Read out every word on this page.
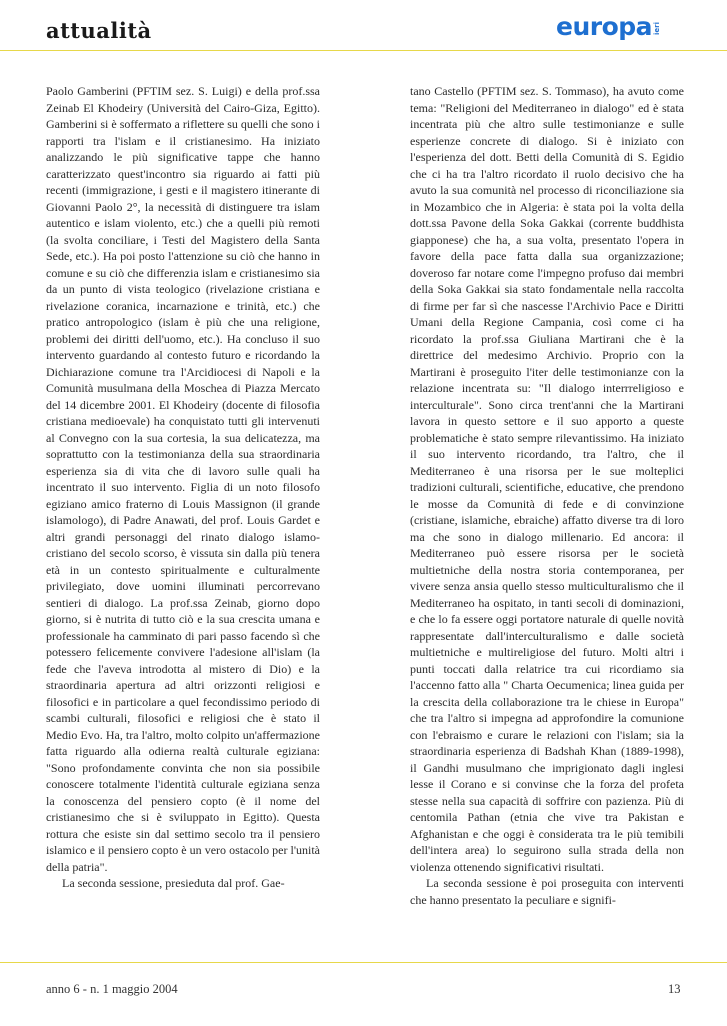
attualità	europa ieri

Paolo Gamberini (PFTIM sez. S. Luigi) e della prof.ssa Zeinab El Khodeiry (Università del Cairo-Giza, Egitto). Gamberini si è soffermato a riflettere su quelli che sono i rapporti tra l'islam e il cristianesimo. Ha iniziato analizzando le più significative tappe che hanno caratterizzato quest'incontro sia riguardo ai fatti più recenti (immigrazione, i gesti e il magistero itinerante di Giovanni Paolo 2°, la necessità di distinguere tra islam autentico e islam violento, etc.) che a quelli più remoti (la svolta conciliare, i Testi del Magistero della Santa Sede, etc.). Ha poi posto l'attenzione su ciò che hanno in comune e su ciò che differenzia islam e cristianesimo sia da un punto di vista teologico (rivelazione cristiana e rivelazione coranica, incarnazione e trinità, etc.) che pratico antropologico (islam è più che una religione, problemi dei diritti dell'uomo, etc.). Ha concluso il suo intervento guardando al contesto futuro e ricordando la Dichiarazione comune tra l'Arcidiocesi di Napoli e la Comunità musulmana della Moschea di Piazza Mercato del 14 dicembre 2001. El Khodeiry (docente di filosofia cristiana medioevale) ha conquistato tutti gli intervenuti al Convegno con la sua cortesia, la sua delicatezza, ma soprattutto con la testimonianza della sua straordinaria esperienza sia di vita che di lavoro sulle quali ha incentrato il suo intervento. Figlia di un noto filosofo egiziano amico fraterno di Louis Massignon (il grande islamologo), di Padre Anawati, del prof. Louis Gardet e altri grandi personaggi del rinato dialogo islamo-cristiano del secolo scorso, è vissuta sin dalla più tenera età in un contesto spiritualmente e culturalmente privilegiato, dove uomini illuminati percorrevano sentieri di dialogo. La prof.ssa Zeinab, giorno dopo giorno, si è nutrita di tutto ciò e la sua crescita umana e professionale ha camminato di pari passo facendo sì che potessero felicemente convivere l'adesione all'islam (la fede che l'aveva introdotta al mistero di Dio) e la straordinaria apertura ad altri orizzonti religiosi e filosofici e in particolare a quel fecondissimo periodo di scambi culturali, filosofici e religiosi che è stato il Medio Evo. Ha, tra l'altro, molto colpito un'affermazione fatta riguardo alla odierna realtà culturale egiziana: "Sono profondamente convinta che non sia possibile conoscere totalmente l'identità culturale egiziana senza la conoscenza del pensiero copto (è il nome del cristianesimo che si è sviluppato in Egitto). Questa rottura che esiste sin dal settimo secolo tra il pensiero islamico e il pensiero copto è un vero ostacolo per l'unità della patria".

La seconda sessione, presieduta dal prof. Gae-

tano Castello (PFTIM sez. S. Tommaso), ha avuto come tema: "Religioni del Mediterraneo in dialogo" ed è stata incentrata più che altro sulle testimonianze e sulle esperienze concrete di dialogo. Si è iniziato con l'esperienza del dott. Betti della Comunità di S. Egidio che ci ha tra l'altro ricordato il ruolo decisivo che ha avuto la sua comunità nel processo di riconciliazione sia in Mozambico che in Algeria: è stata poi la volta della dott.ssa Pavone della Soka Gakkai (corrente buddhista giapponese) che ha, a sua volta, presentato l'opera in favore della pace fatta dalla sua organizzazione; doveroso far notare come l'impegno profuso dai membri della Soka Gakkai sia stato fondamentale nella raccolta di firme per far sì che nascesse l'Archivio Pace e Diritti Umani della Regione Campania, così come ci ha ricordato la prof.ssa Giuliana Martirani che è la direttrice del medesimo Archivio. Proprio con la Martirani è proseguito l'iter delle testimonianze con la relazione incentrata su: "Il dialogo interrreligioso e interculturale". Sono circa trent'anni che la Martirani lavora in questo settore e il suo apporto a queste problematiche è stato sempre rilevantissimo. Ha iniziato il suo intervento ricordando, tra l'altro, che il Mediterraneo è una risorsa per le sue molteplici tradizioni culturali, scientifiche, educative, che prendono le mosse da Comunità di fede e di convinzione (cristiane, islamiche, ebraiche) affatto diverse tra di loro ma che sono in dialogo millenario. Ed ancora: il Mediterraneo può essere risorsa per le società multietniche della nostra storia contemporanea, per vivere senza ansia quello stesso multiculturalismo che il Mediterraneo ha ospitato, in tanti secoli di dominazioni, e che lo fa essere oggi portatore naturale di quelle novità rappresentate dall'interculturalismo e dalle società multietniche e multireligiose del futuro. Molti altri i punti toccati dalla relatrice tra cui ricordiamo sia l'accenno fatto alla " Charta Oecumenica; linea guida per la crescita della collaborazione tra le chiese in Europa" che tra l'altro si impegna ad approfondire la comunione con l'ebraismo e curare le relazioni con l'islam; sia la straordinaria esperienza di Badshah Khan (1889-1998), il Gandhi musulmano che imprigionato dagli inglesi lesse il Corano e si convinse che la forza del profeta stesse nella sua capacità di soffrire con pazienza. Più di centomila Pathan (etnia che vive tra Pakistan e Afghanistan e che oggi è considerata tra le più temibili dell'intera area) lo seguirono sulla strada della non violenza ottenendo significativi risultati.

La seconda sessione è poi proseguita con interventi che hanno presentato la peculiare e signifi-

anno 6 - n. 1 maggio 2004	13
